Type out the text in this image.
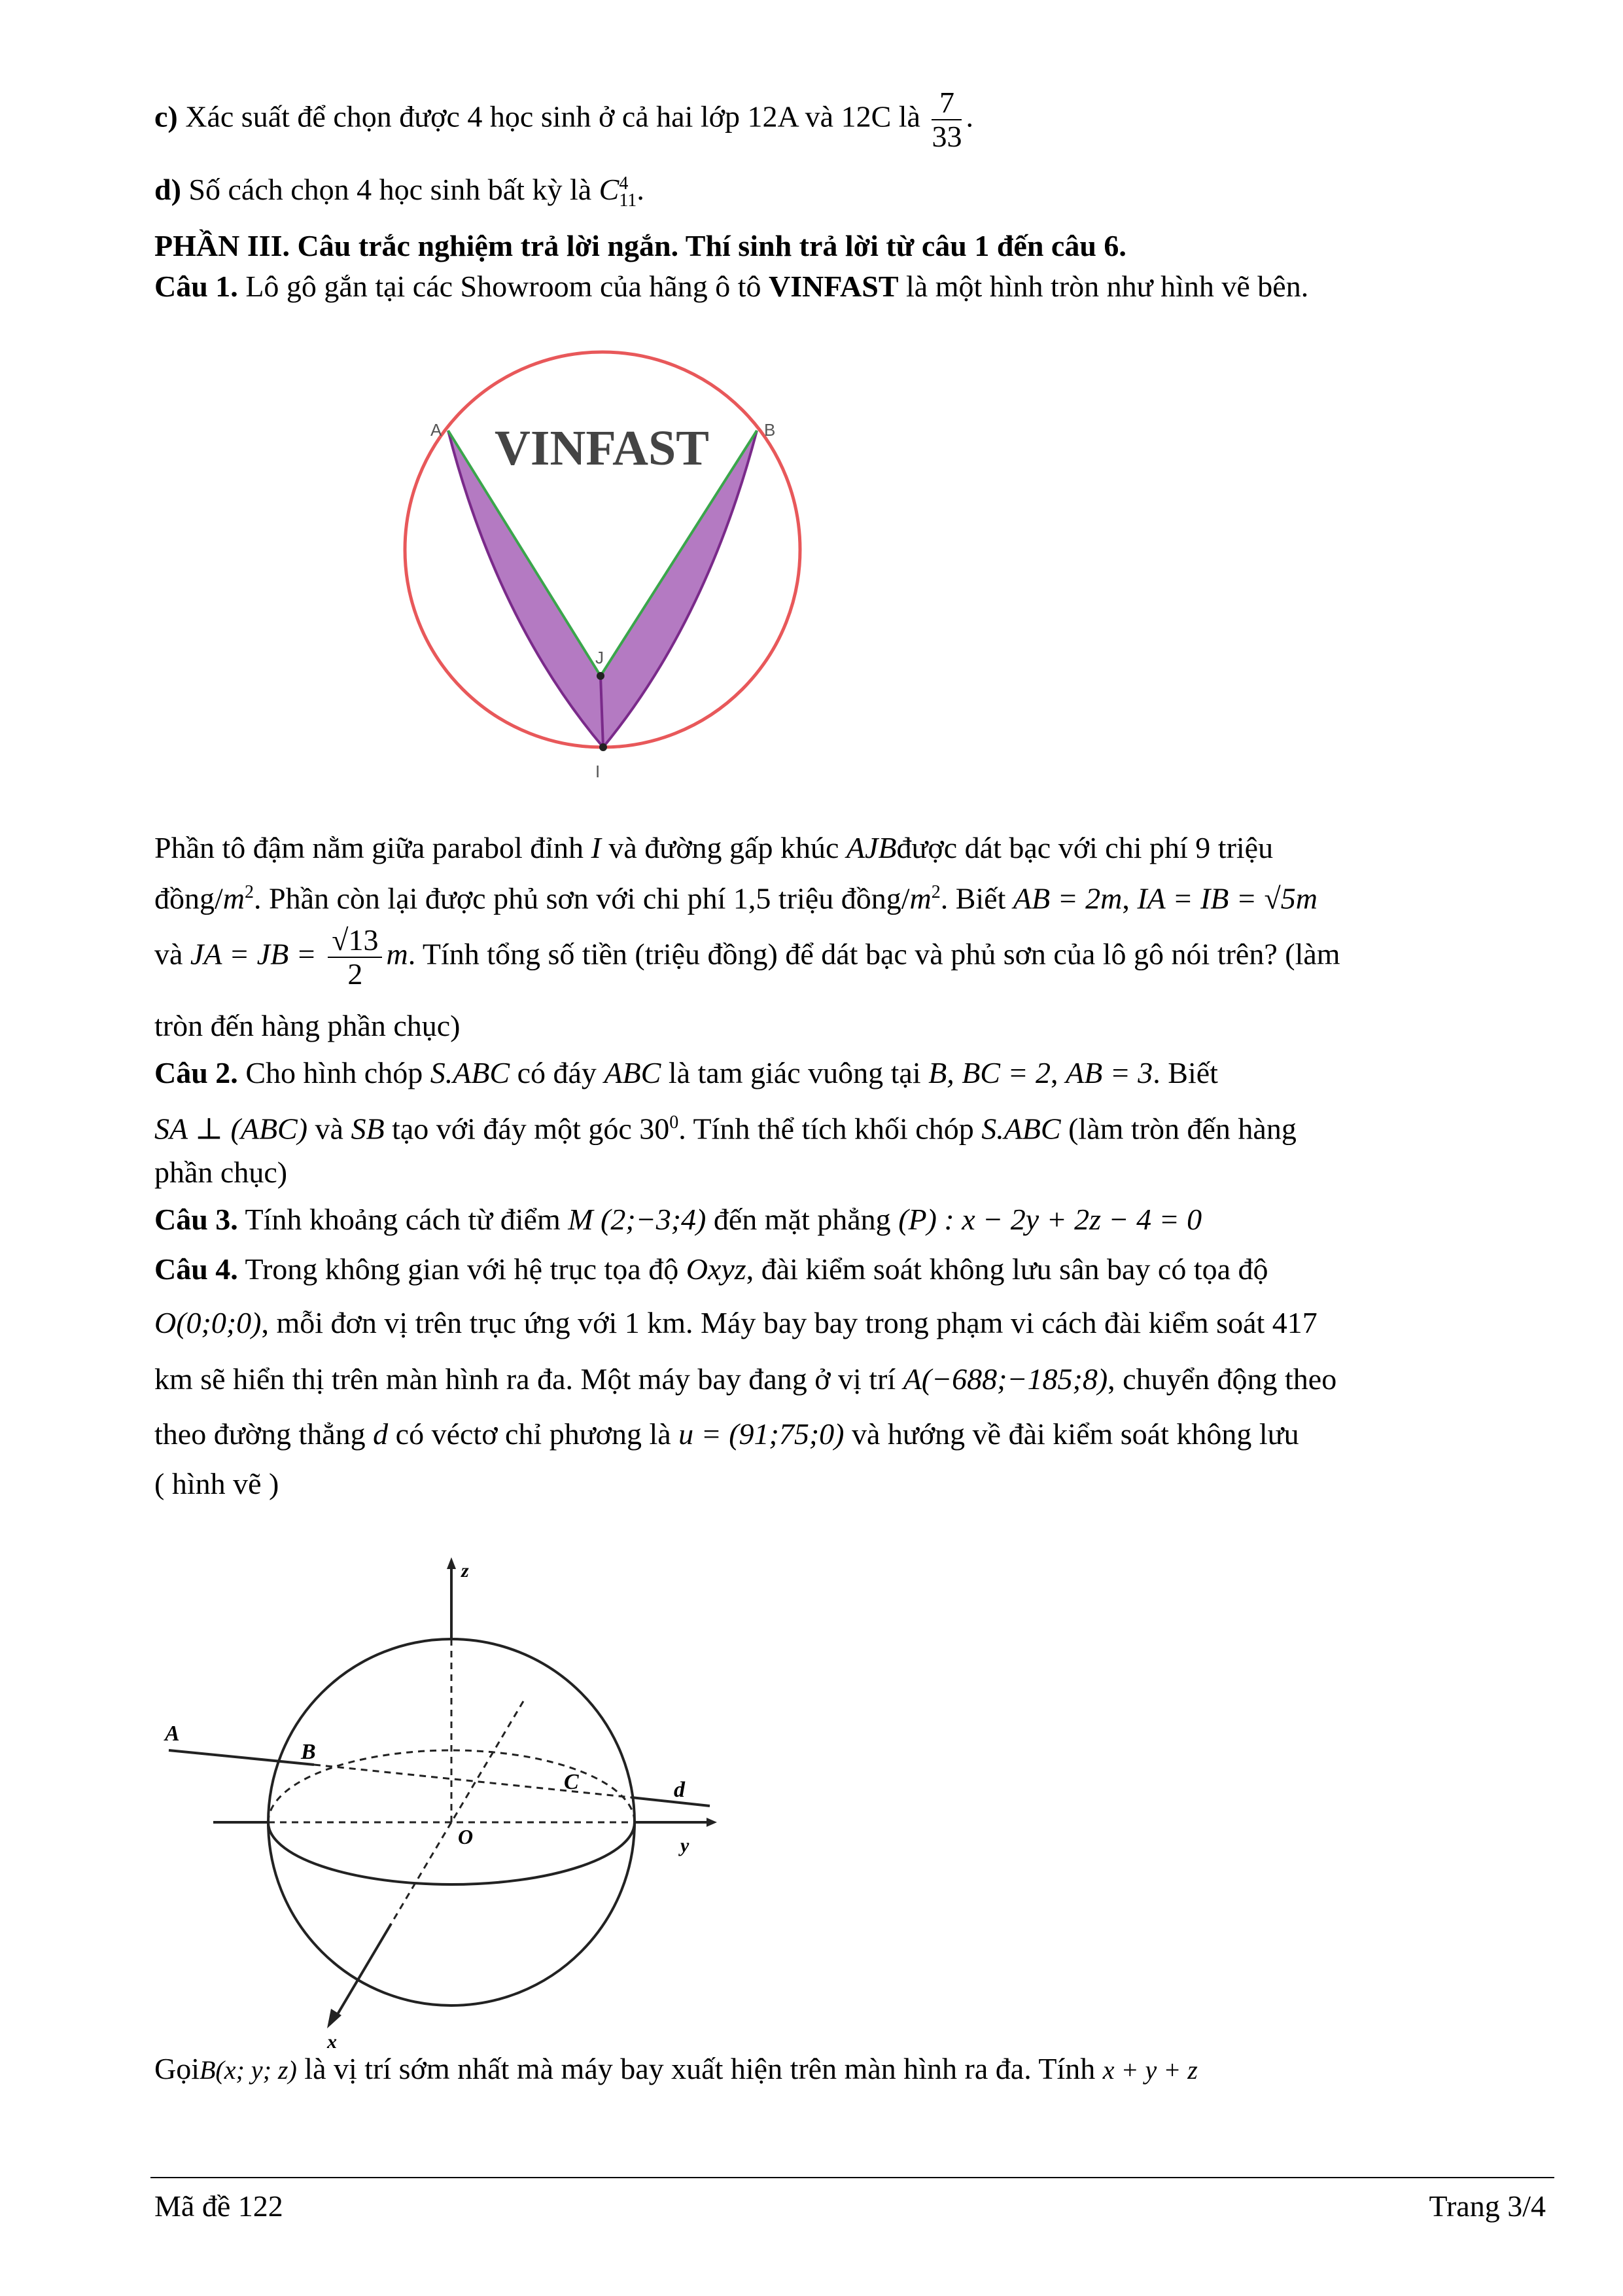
c) Xác suất để chọn được 4 học sinh ở cả hai lớp 12A và 12C là $\frac{7}{33}$ .
d) Số cách chọn 4 học sinh bất kỳ là C 4
11 .
PHẦN III. Câu trắc nghiệm trả lời ngắn. Thí sinh trả lời từ câu 1 đến câu 6.
Câu 1. Lô gô gắn tại các Showroom của hãng ô tô VINFAST là một hình tròn như hình vẽ bên.
VINFAST
A	B
J
I
Phần tô đậm nằm giữa parabol đỉnh I và đường gấp khúc AJBđược dát bạc với chi phí 9 triệu
đồng/$m^2$. Phần còn lại được phủ sơn với chi phí 1,5 triệu đồng/$m^2$. Biết AB = 2m, IA = IB = √5m
và JA = JB = $\frac{√13}{2} m$. Tính tổng số tiền (triệu đồng) để dát bạc và phủ sơn của lô gô nói trên? (làm
tròn đến hàng phần chục)
Câu 2. Cho hình chóp S.ABC có đáy ABC là tam giác vuông tại B, BC = 2, AB = 3. Biết
SA ⊥ (ABC) và SB tạo với đáy một góc $30^0$. Tính thể tích khối chóp S.ABC (làm tròn đến hàng
phần chục)
Câu 3. Tính khoảng cách từ điểm M (2;−3;4) đến mặt phẳng (P) : x − 2y + 2z − 4 = 0
Câu 4. Trong không gian với hệ trục tọa độ Oxyz, đài kiểm soát không lưu sân bay có tọa độ
O(0;0;0), mỗi đơn vị trên trục ứng với 1 km. Máy bay bay trong phạm vi cách đài kiểm soát 417
km sẽ hiển thị trên màn hình ra đa. Một máy bay đang ở vị trí A(−688;−185;8), chuyển động theo
theo đường thẳng d có véctơ chỉ phương là u = (91;75;0) và hướng về đài kiểm soát không lưu
( hình vẽ )
z
y
x
O
A
B
C	d
GọiB(x; y; z) là vị trí sớm nhất mà máy bay xuất hiện trên màn hình ra đa. Tính x + y + z
Mã đề 122	Trang 3/4
